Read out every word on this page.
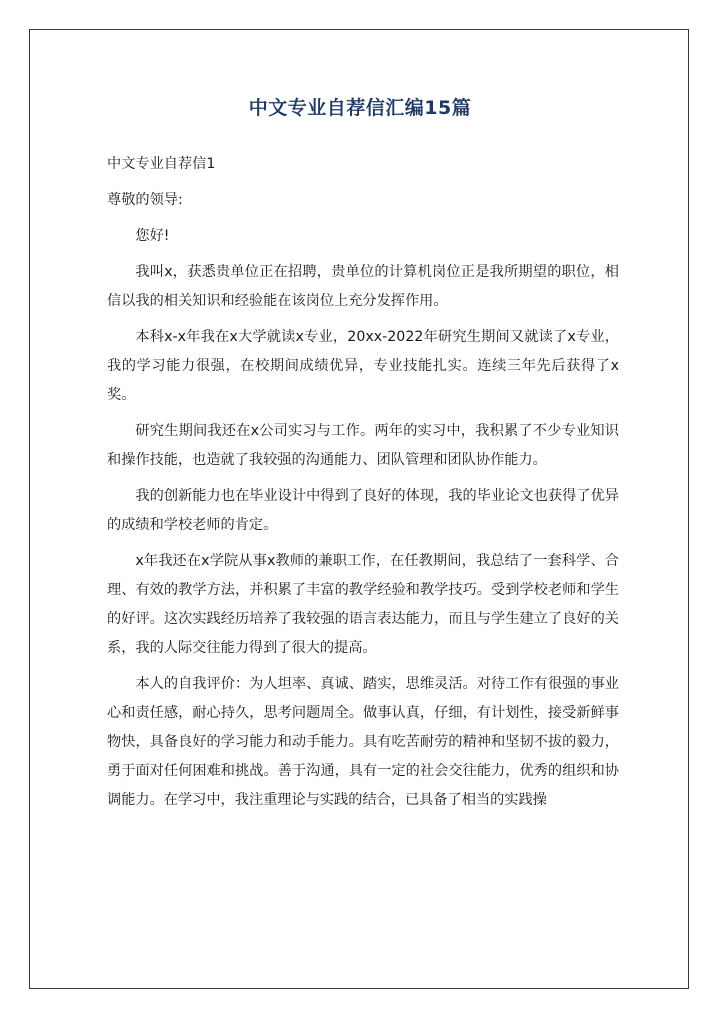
中文专业自荐信汇编15篇

中文专业自荐信1

尊敬的领导:

您好!

我叫x，获悉贵单位正在招聘，贵单位的计算机岗位正是我所期望的职位，相信以我的相关知识和经验能在该岗位上充分发挥作用。

本科x-x年我在x大学就读x专业，20xx-2022年研究生期间又就读了x专业，我的学习能力很强，在校期间成绩优异，专业技能扎实。连续三年先后获得了x奖。

研究生期间我还在x公司实习与工作。两年的实习中，我积累了不少专业知识和操作技能，也造就了我较强的沟通能力、团队管理和团队协作能力。

我的创新能力也在毕业设计中得到了良好的体现，我的毕业论文也获得了优异的成绩和学校老师的肯定。

x年我还在x学院从事x教师的兼职工作，在任教期间，我总结了一套科学、合理、有效的教学方法，并积累了丰富的教学经验和教学技巧。受到学校老师和学生的好评。这次实践经历培养了我较强的语言表达能力，而且与学生建立了良好的关系，我的人际交往能力得到了很大的提高。

本人的自我评价：为人坦率、真诚、踏实，思维灵活。对待工作有很强的事业心和责任感，耐心持久，思考问题周全。做事认真，仔细，有计划性，接受新鲜事物快，具备良好的学习能力和动手能力。具有吃苦耐劳的精神和坚韧不拔的毅力，勇于面对任何困难和挑战。善于沟通，具有一定的社会交往能力，优秀的组织和协调能力。在学习中，我注重理论与实践的结合，已具备了相当的实践操
